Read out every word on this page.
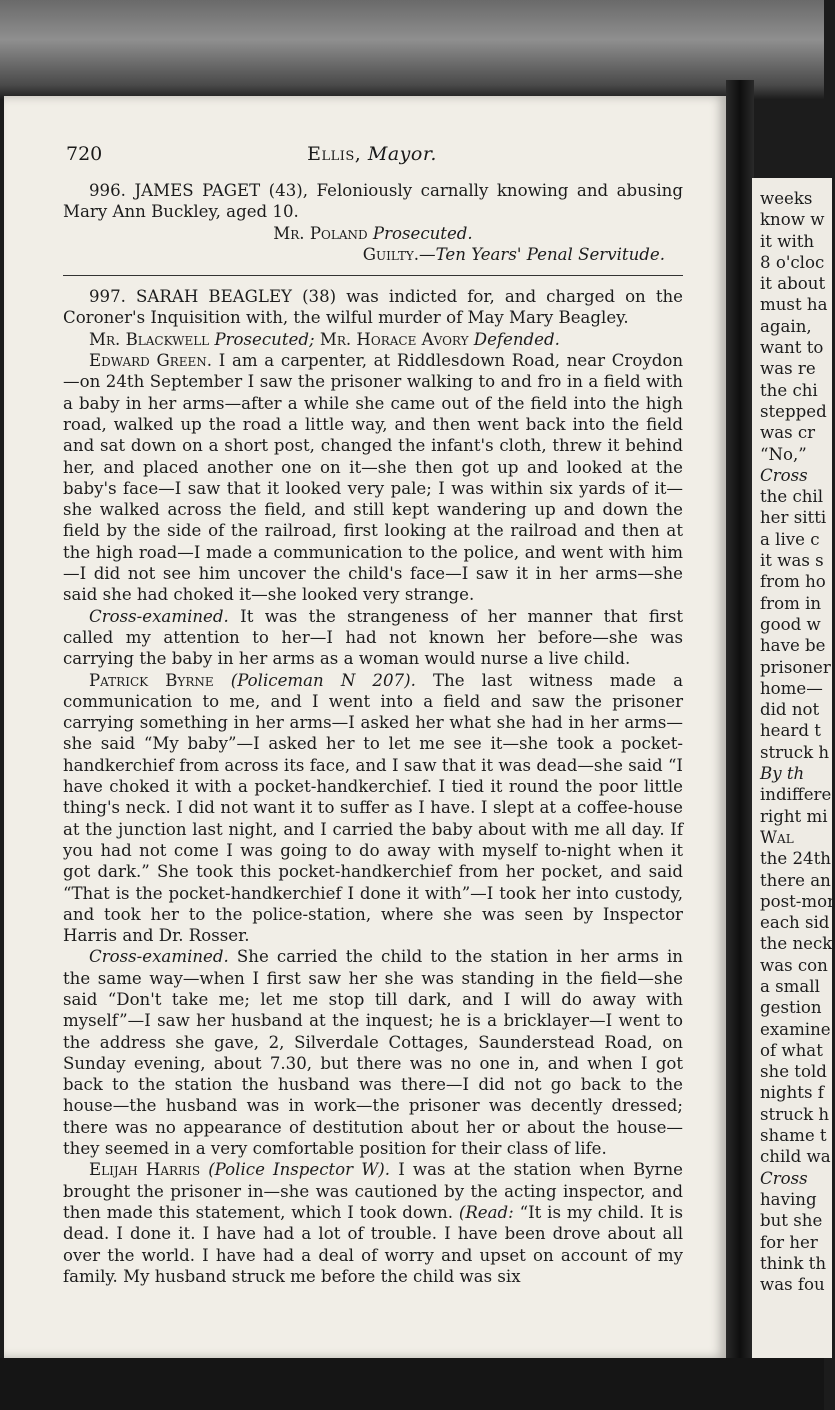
720	Ellis, Mayor.

996. JAMES PAGET (43), Feloniously carnally knowing and abusing Mary Ann Buckley, aged 10.

Mr. Poland Prosecuted.

Guilty.—Ten Years' Penal Servitude.

997. SARAH BEAGLEY (38) was indicted for, and charged on the Coroner's Inquisition with, the wilful murder of May Mary Beagley.

Mr. Blackwell Prosecuted; Mr. Horace Avory Defended.

Edward Green. I am a carpenter, at Riddlesdown Road, near Croydon—on 24th September I saw the prisoner walking to and fro in a field with a baby in her arms—after a while she came out of the field into the high road, walked up the road a little way, and then went back into the field and sat down on a short post, changed the infant's cloth, threw it behind her, and placed another one on it—she then got up and looked at the baby's face—I saw that it looked very pale; I was within six yards of it—she walked across the field, and still kept wandering up and down the field by the side of the railroad, first looking at the railroad and then at the high road—I made a communication to the police, and went with him—I did not see him uncover the child's face—I saw it in her arms—she said she had choked it—she looked very strange.

Cross-examined. It was the strangeness of her manner that first called my attention to her—I had not known her before—she was carrying the baby in her arms as a woman would nurse a live child.

Patrick Byrne (Policeman N 207). The last witness made a communication to me, and I went into a field and saw the prisoner carrying something in her arms—I asked her what she had in her arms—she said “My baby”—I asked her to let me see it—she took a pocket-handkerchief from across its face, and I saw that it was dead—she said “I have choked it with a pocket-handkerchief. I tied it round the poor little thing's neck. I did not want it to suffer as I have. I slept at a coffee-house at the junction last night, and I carried the baby about with me all day. If you had not come I was going to do away with myself to-night when it got dark.” She took this pocket-handkerchief from her pocket, and said “That is the pocket-handkerchief I done it with”—I took her into custody, and took her to the police-station, where she was seen by Inspector Harris and Dr. Rosser.

Cross-examined. She carried the child to the station in her arms in the same way—when I first saw her she was standing in the field—she said “Don't take me; let me stop till dark, and I will do away with myself”—I saw her husband at the inquest; he is a bricklayer—I went to the address she gave, 2, Silverdale Cottages, Saunderstead Road, on Sunday evening, about 7.30, but there was no one in, and when I got back to the station the husband was there—I did not go back to the house—the husband was in work—the prisoner was decently dressed; there was no appearance of destitution about her or about the house—they seemed in a very comfortable position for their class of life.

Elijah Harris (Police Inspector W). I was at the station when Byrne brought the prisoner in—she was cautioned by the acting inspector, and then made this statement, which I took down. (Read: “It is my child. It is dead. I done it. I have had a lot of trouble. I have been drove about all over the world. I have had a deal of worry and upset on account of my family. My husband struck me before the child was six

weeks
know w
it with
8 o'cloc
it about
must ha
again,
want to
was re
the chi
stepped
was cr
“No,”
Cross
the chil
her sitti
a live c
it was s
from ho
from in
good w
have be
prisoner
home—
did not
heard t
struck h
By th
indiffere
right mi
Wal
the 24th
there an
post-mor
each sid
the neck
was con
a small
gestion
examine
of what
she told
nights f
struck h
shame t
child wa
Cross
having
but she
for her
think th
was fou
